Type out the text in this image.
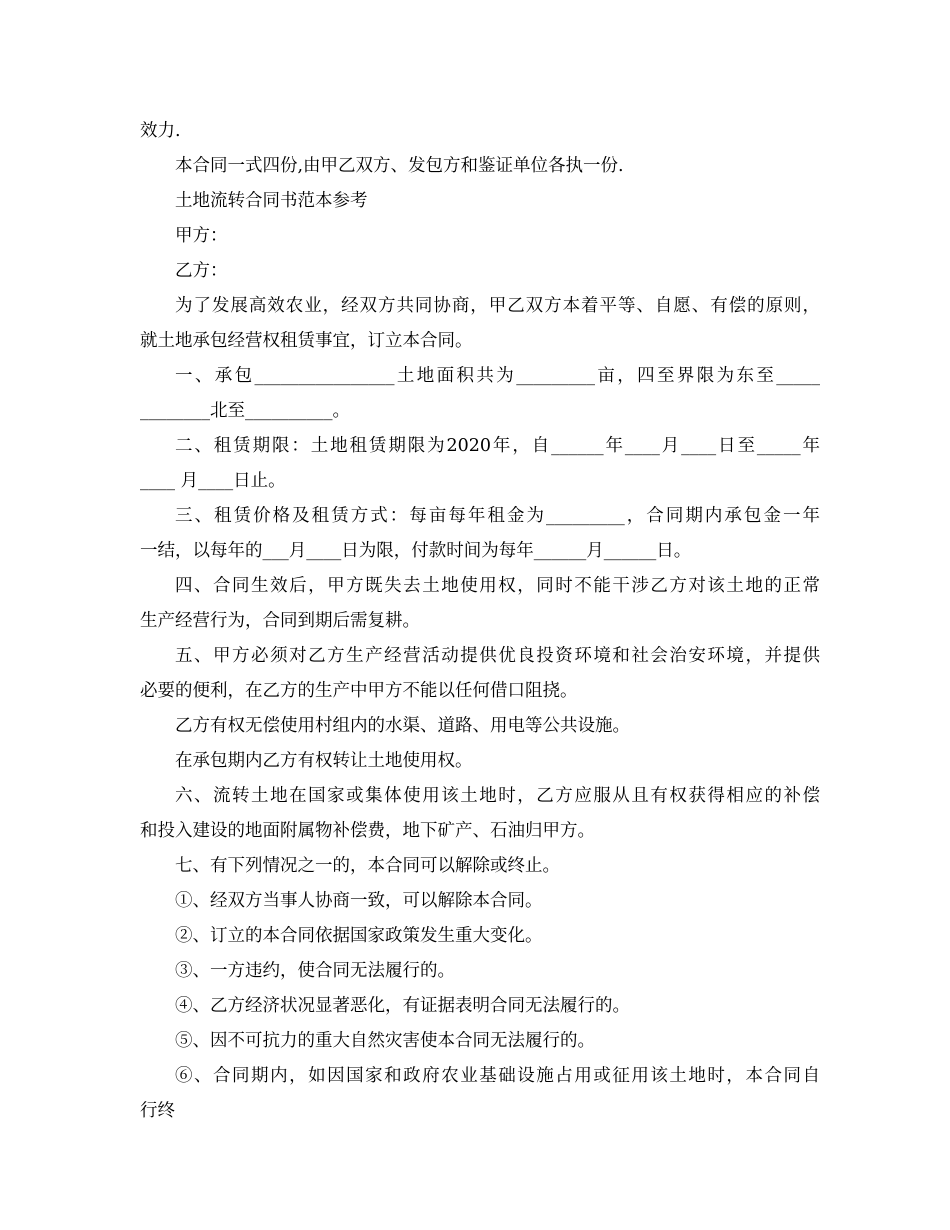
效力.
本合同一式四份,由甲乙双方、发包方和鉴证单位各执一份.
土地流转合同书范本参考
甲方：
乙方：
为了发展高效农业，经双方共同协商，甲乙双方本着平等、自愿、有偿的原则，
就土地承包经营权租赁事宜，订立本合同。
一、承包________________土地面积共为_________亩，四至界限为东至_____
________北至__________。
二、租赁期限：土地租赁期限为2020年，自______年____月____日至_____年
____ 月____日止。
三、租赁价格及租赁方式：每亩每年租金为_________，合同期内承包金一年
一结，以每年的___月____日为限，付款时间为每年______月______日。
四、合同生效后，甲方既失去土地使用权，同时不能干涉乙方对该土地的正常
生产经营行为，合同到期后需复耕。
五、甲方必须对乙方生产经营活动提供优良投资环境和社会治安环境，并提供
必要的便利，在乙方的生产中甲方不能以任何借口阻挠。
乙方有权无偿使用村组内的水渠、道路、用电等公共设施。
在承包期内乙方有权转让土地使用权。
六、流转土地在国家或集体使用该土地时，乙方应服从且有权获得相应的补偿
和投入建设的地面附属物补偿费，地下矿产、石油归甲方。
七、有下列情况之一的，本合同可以解除或终止。
①、经双方当事人协商一致，可以解除本合同。
②、订立的本合同依据国家政策发生重大变化。
③、一方违约，使合同无法履行的。
④、乙方经济状况显著恶化，有证据表明合同无法履行的。
⑤、因不可抗力的重大自然灾害使本合同无法履行的。
⑥、合同期内，如因国家和政府农业基础设施占用或征用该土地时，本合同自
行终
